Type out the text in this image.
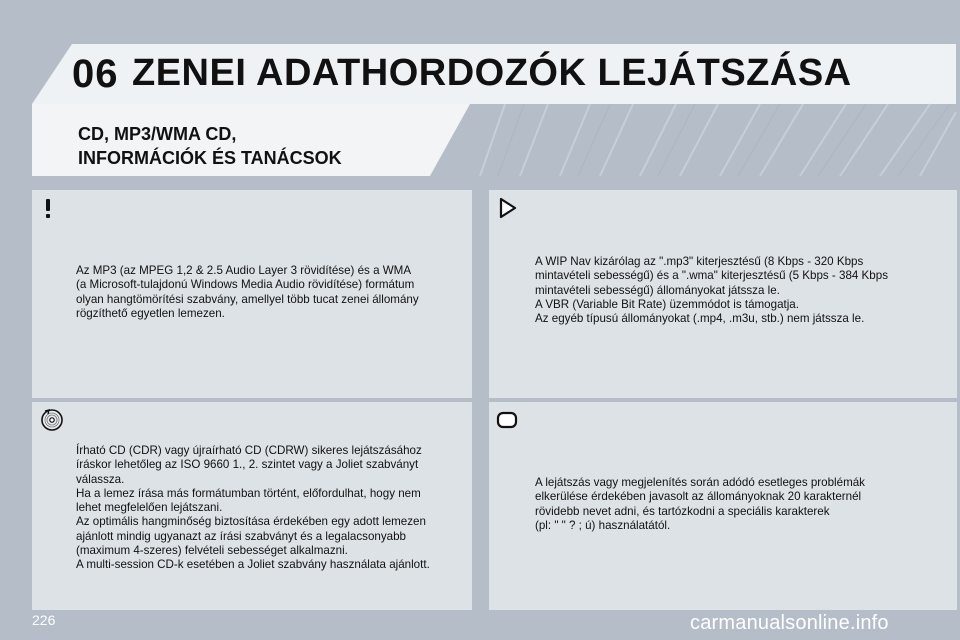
06 ZENEI ADATHORDOZÓK LEJÁTSZÁSA
CD, MP3/WMA CD,
INFORMÁCIÓK ÉS TANÁCSOK
Az MP3 (az MPEG 1,2 & 2.5 Audio Layer 3 rövidítése) és a WMA
(a Microsoft-tulajdonú Windows Media Audio rövidítése) formátum
olyan hangtömörítési szabvány, amellyel több tucat zenei állomány
rögzíthető egyetlen lemezen.
A WIP Nav kizárólag az ".mp3" kiterjesztésű (8 Kbps - 320 Kbps
mintavételi sebességű) és a ".wma" kiterjesztésű (5 Kbps - 384 Kbps
mintavételi sebességű) állományokat játssza le.
A VBR (Variable Bit Rate) üzemmódot is támogatja.
Az egyéb típusú állományokat (.mp4, .m3u, stb.) nem játssza le.
Írható CD (CDR) vagy újraírható CD (CDRW) sikeres lejátszásához
íráskor lehetőleg az ISO 9660 1., 2. szintet vagy a Joliet szabványt
válassza.
Ha a lemez írása más formátumban történt, előfordulhat, hogy nem
lehet megfelelően lejátszani.
Az optimális hangminőség biztosítása érdekében egy adott lemezen
ajánlott mindig ugyanazt az írási szabványt és a legalacsonyabb
(maximum 4-szeres) felvételi sebességet alkalmazni.
A multi-session CD-k esetében a Joliet szabvány használata ajánlott.
A lejátszás vagy megjelenítés során adódó esetleges problémák
elkerülése érdekében javasolt az állományoknak 20 karakternél
rövidebb nevet adni, és tartózkodni a speciális karakterek
(pl: " " ? ; ú) használatától.
226	carmanualsonline.info
